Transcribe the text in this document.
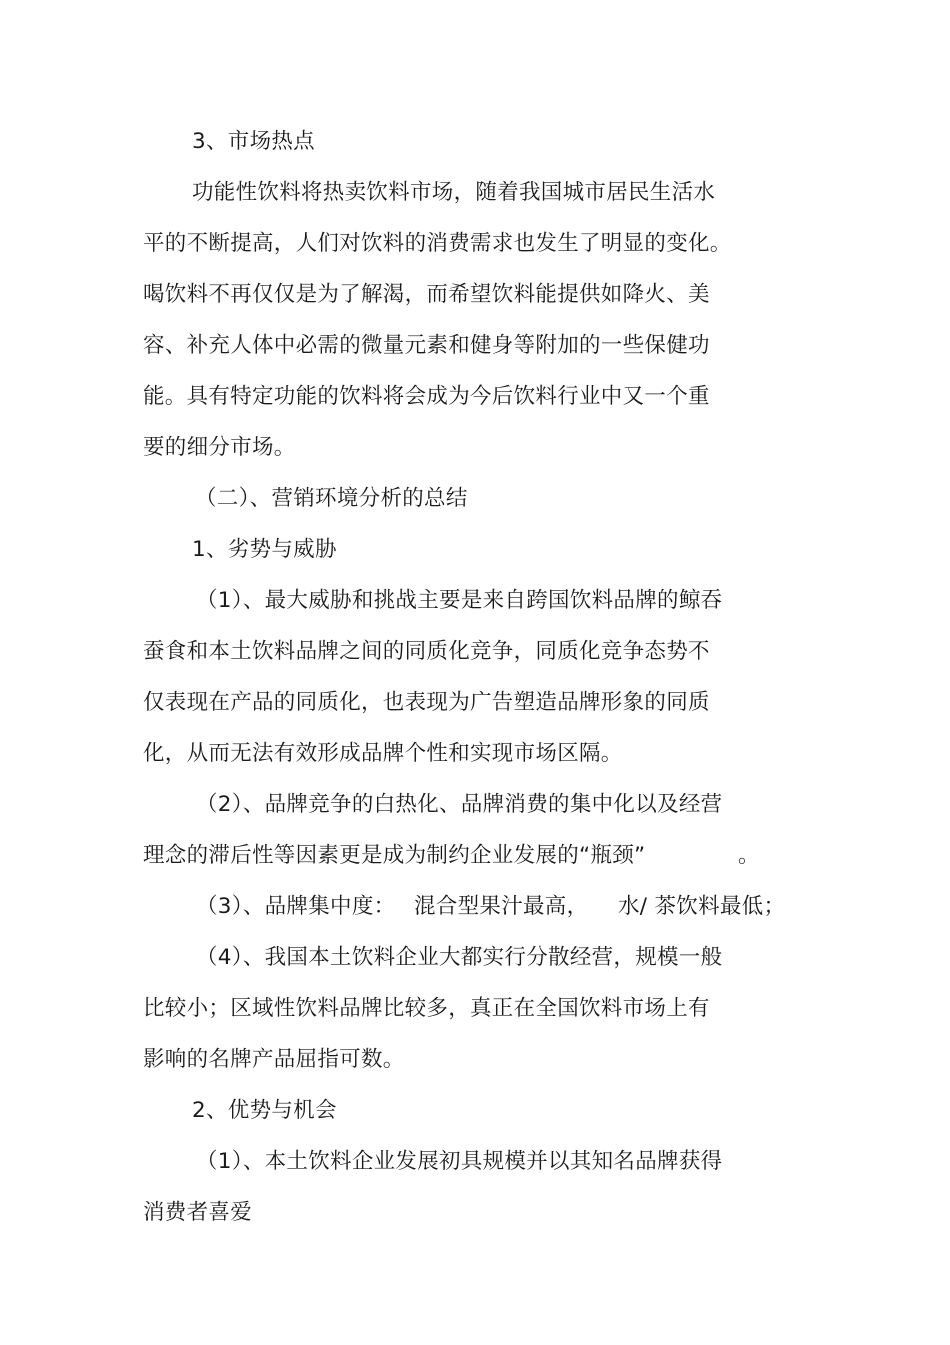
3、市场热点
功能性饮料将热卖饮料市场，随着我国城市居民生活水
平的不断提高，人们对饮料的消费需求也发生了明显的变化。
喝饮料不再仅仅是为了解渴，而希望饮料能提供如降火、美
容、补充人体中必需的微量元素和健身等附加的一些保健功
能。具有特定功能的饮料将会成为今后饮料行业中又一个重
要的细分市场。
（二）、营销环境分析的总结
1、劣势与威胁
（1）、最大威胁和挑战主要是来自跨国饮料品牌的鲸吞
蚕食和本土饮料品牌之间的同质化竞争，同质化竞争态势不
仅表现在产品的同质化，也表现为广告塑造品牌形象的同质
化，从而无法有效形成品牌个性和实现市场区隔。
（2）、品牌竞争的白热化、品牌消费的集中化以及经营
理念的滞后性等因素更是成为制约企业发展的“瓶颈”	。
（3）、品牌集中度： 混合型果汁最高， 水/ 茶饮料最低；
（4）、我国本土饮料企业大都实行分散经营，规模一般
比较小；区域性饮料品牌比较多，真正在全国饮料市场上有
影响的名牌产品屈指可数。
2、优势与机会
（1）、本土饮料企业发展初具规模并以其知名品牌获得
消费者喜爱
